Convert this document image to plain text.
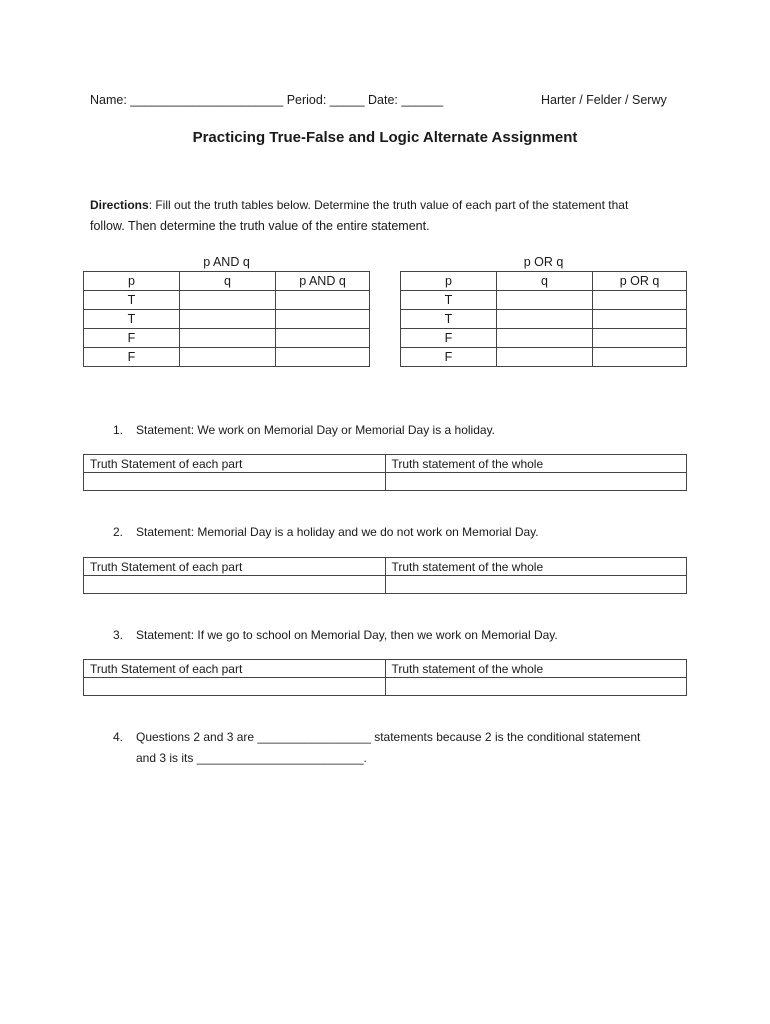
Name: ______________________ Period: _____ Date: ______	Harter / Felder / Serwy
Practicing True-False and Logic Alternate Assignment
Directions: Fill out the truth tables below. Determine the truth value of each part of the statement that
follow. Then determine the truth value of the entire statement.
p AND q
p	q	p AND q
T		
T		
F		
F		
p OR q
p	q	p OR q
T		
T		
F		
F		
1. Statement: We work on Memorial Day or Memorial Day is a holiday.
Truth Statement of each part	Truth statement of the whole

2. Statement: Memorial Day is a holiday and we do not work on Memorial Day.
Truth Statement of each part	Truth statement of the whole

3. Statement: If we go to school on Memorial Day, then we work on Memorial Day.
Truth Statement of each part	Truth statement of the whole

4. Questions 2 and 3 are _________________ statements because 2 is the conditional statement
and 3 is its _________________________.
